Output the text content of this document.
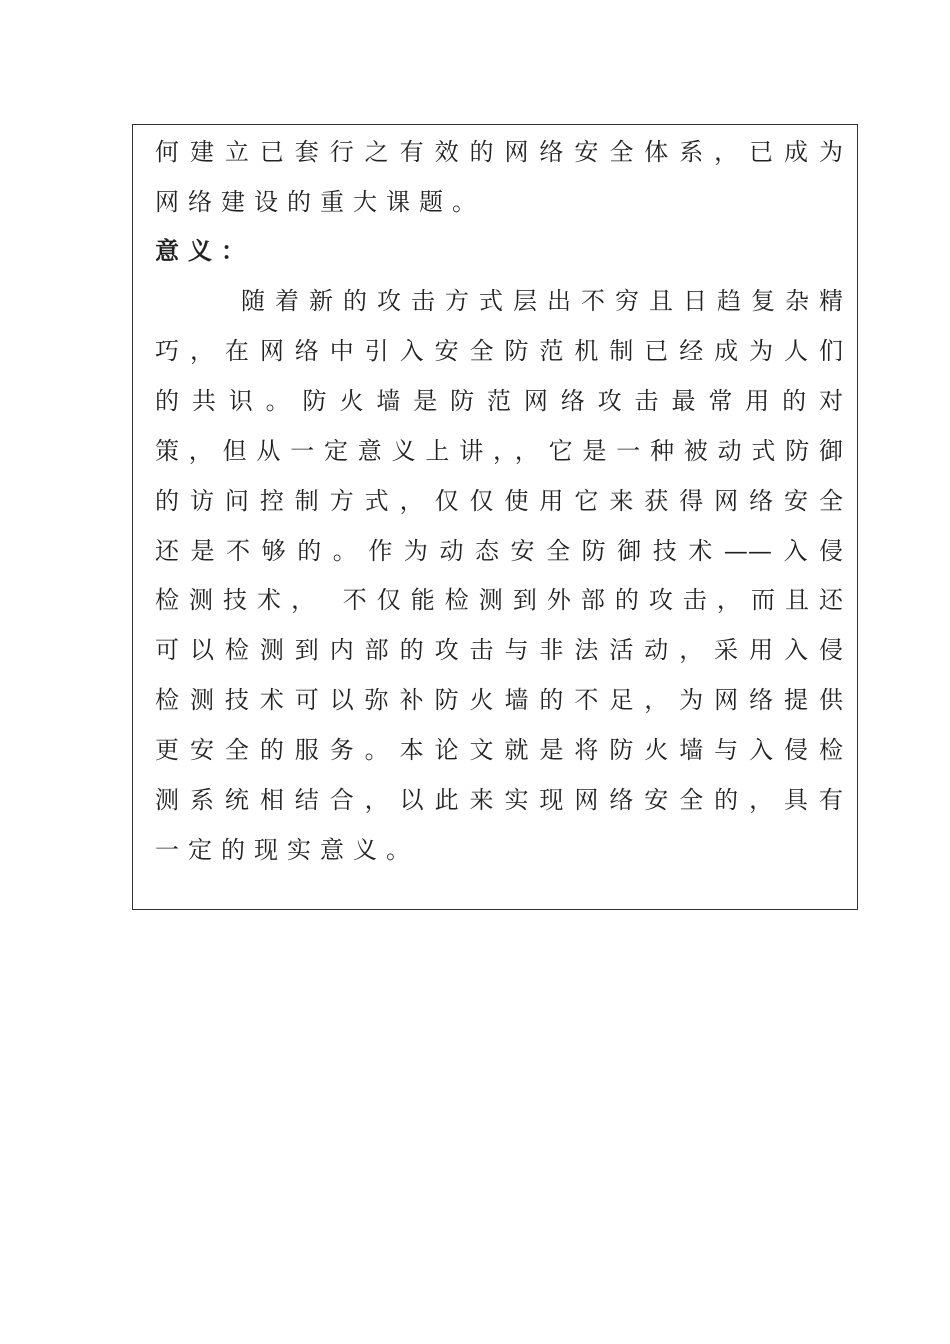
何建立已套行之有效的网络安全体系，已成为
网络建设的重大课题。
意义：
随着新的攻击方式层出不穷且日趋复杂精
巧，在网络中引入安全防范机制已经成为人们
的共识。防火墙是防范网络攻击最常用的对
策，但从一定意义上讲，，它是一种被动式防御
的访问控制方式，仅仅使用它来获得网络安全
还是不够的。作为动态安全防御技术——入侵
检测技术， 不仅能检测到外部的攻击，而且还
可以检测到内部的攻击与非法活动，采用入侵
检测技术可以弥补防火墙的不足，为网络提供
更安全的服务。本论文就是将防火墙与入侵检
测系统相结合，以此来实现网络安全的，具有
一定的现实意义。
